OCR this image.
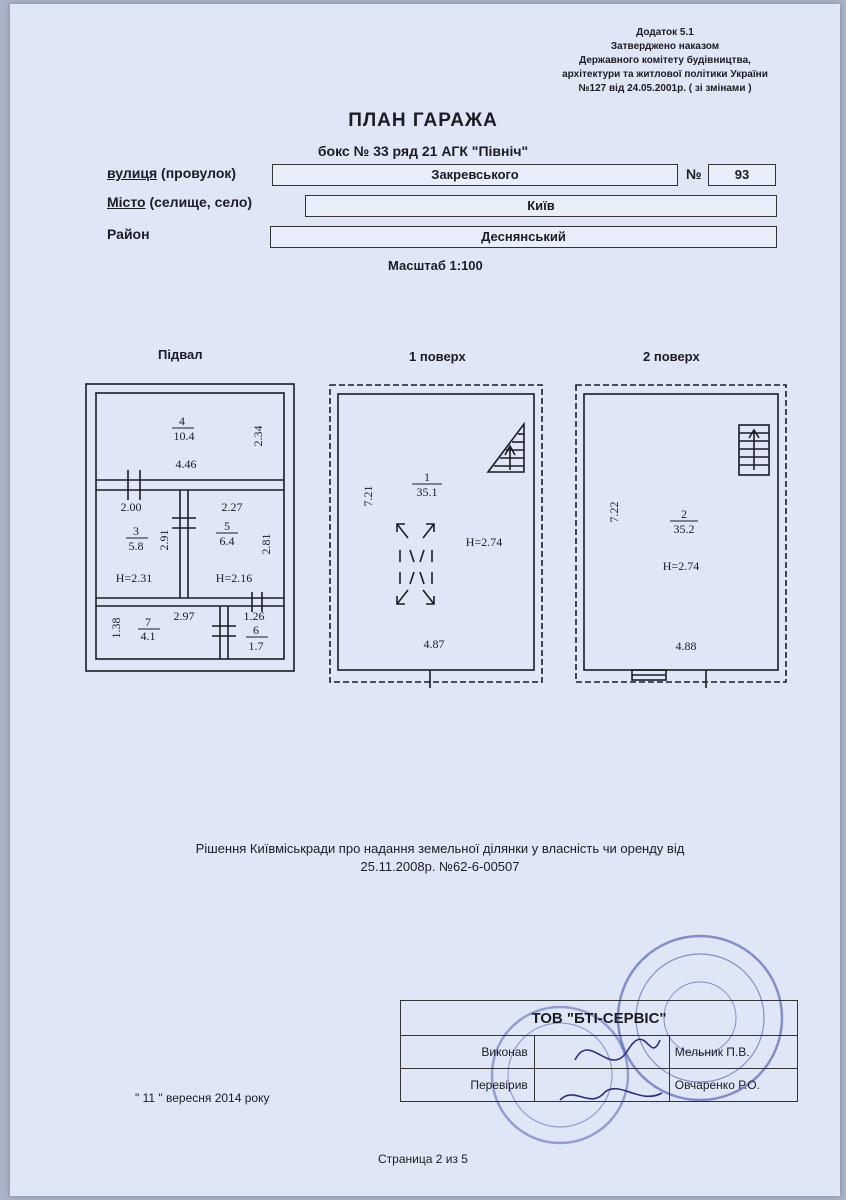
Додаток 5.1
Затверджено наказом
Державного комітету будівництва,
архітектури та житлової політики України
№127 від 24.05.2001р. ( зі змінами )
ПЛАН ГАРАЖА
бокс № 33 ряд 21 АГК "Північ"
вулиця (провулок)	Закревського	№	93
Місто (селище, село)	Київ
Район	Деснянський
Масштаб 1:100
Підвал	1 поверх	2 поверх
4
10.4
4.46
2.34
2.00
3
5.8 2.91
H=2.31
2.27
5
6.4 2.81
H=2.16
1.38 7
4.1
2.97	1.26
6
1.7
1
35.1
7.21
H=2.74
4.87
2
35.2
7.22
H=2.74
4.88
Рішення Київміськради про надання земельної ділянки у власність чи оренду від
25.11.2008р. №62-6-00507
ТОВ "БТІ-СЕРВІС"		
Виконав		Мельник П.В.
Перевірив		Овчаренко Р.О.
" 11 " вересня 2014 року
Страница 2 из 5
